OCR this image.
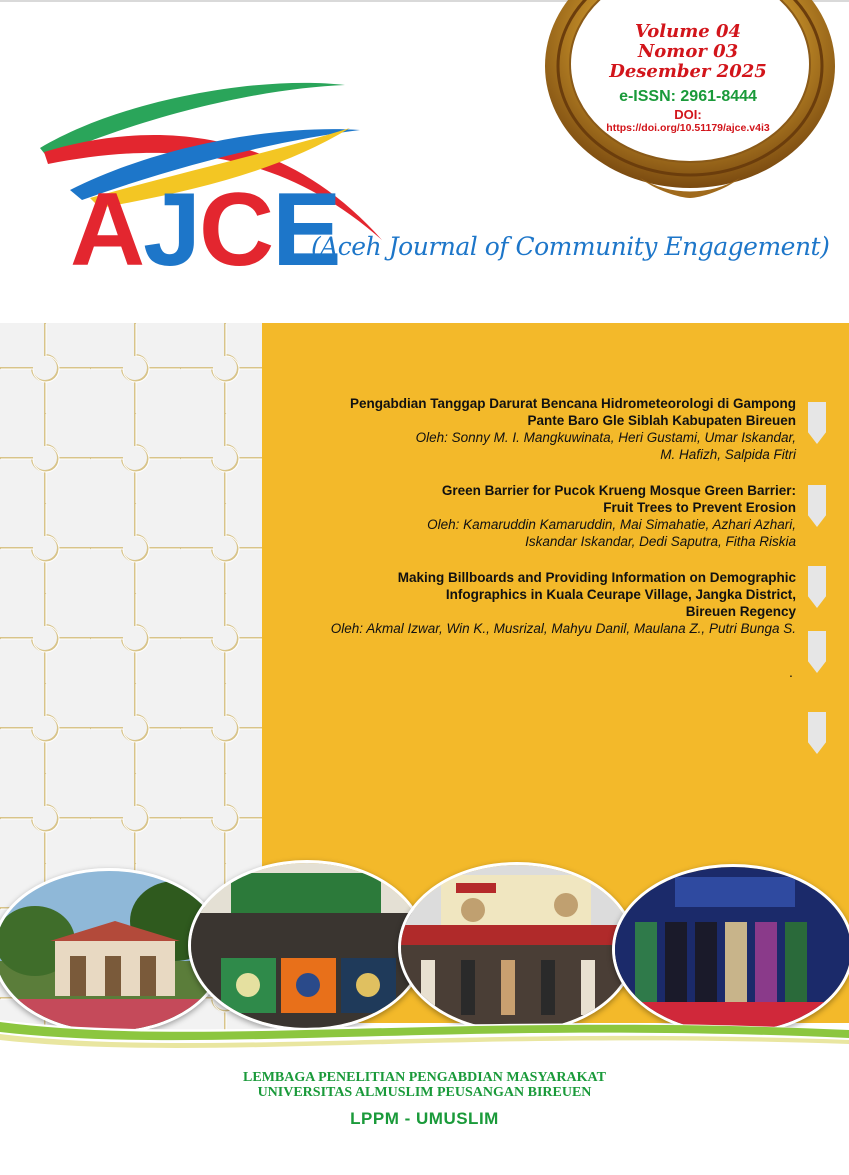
AJCE
(Aceh Journal of Community Engagement)
Volume 04 Nomor 03
Desember 2025
e-ISSN: 2961-8444
DOI:
https://doi.org/10.51179/ajce.v4i3
Pengabdian Tanggap Darurat Bencana Hidrometeorologi di Gampong
Pante Baro Gle Siblah Kabupaten Bireuen
Oleh: Sonny M. I. Mangkuwinata, Heri Gustami, Umar Iskandar,
M. Hafizh, Salpida Fitri
Green Barrier for Pucok Krueng Mosque Green Barrier:
Fruit Trees to Prevent Erosion
Oleh: Kamaruddin Kamaruddin, Mai Simahatie, Azhari Azhari,
Iskandar Iskandar, Dedi Saputra, Fitha Riskia
Making Billboards and Providing Information on Demographic
Infographics in Kuala Ceurape Village, Jangka District,
Bireuen Regency
Oleh: Akmal Izwar, Win K., Musrizal, Mahyu Danil, Maulana Z., Putri Bunga S.
.
LEMBAGA PENELITIAN PENGABDIAN MASYARAKAT
UNIVERSITAS ALMUSLIM PEUSANGAN BIREUEN
LPPM - UMUSLIM
